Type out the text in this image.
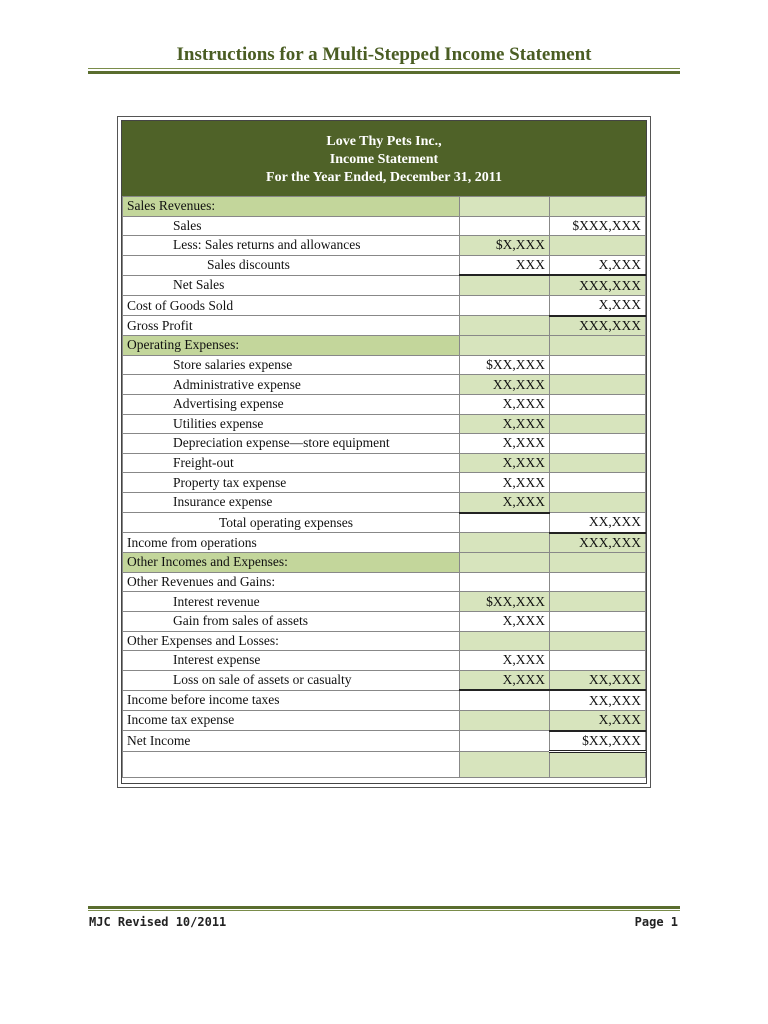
Instructions for a Multi-Stepped Income Statement
Love Thy Pets Inc.,
Income Statement
For the Year Ended, December 31, 2011
Sales Revenues:		
Sales		$XXX,XXX
Less: Sales returns and allowances	$X,XXX	
Sales discounts	XXX	X,XXX
Net Sales		XXX,XXX
Cost of Goods Sold		X,XXX
Gross Profit		XXX,XXX
Operating Expenses:		
Store salaries expense	$XX,XXX	
Administrative expense	XX,XXX	
Advertising expense	X,XXX	
Utilities expense	X,XXX	
Depreciation expense—store equipment	X,XXX	
Freight-out	X,XXX	
Property tax expense	X,XXX	
Insurance expense	X,XXX	
Total operating expenses		XX,XXX
Income from operations		XXX,XXX
Other Incomes and Expenses:		
Other Revenues and Gains:		
Interest revenue	$XX,XXX	
Gain from sales of assets	X,XXX	
Other Expenses and Losses:		
Interest expense	X,XXX	
Loss on sale of assets or casualty	X,XXX	XX,XXX
Income before income taxes		XX,XXX
Income tax expense		X,XXX
Net Income		$XX,XXX

MJC Revised 10/2011	Page 1
